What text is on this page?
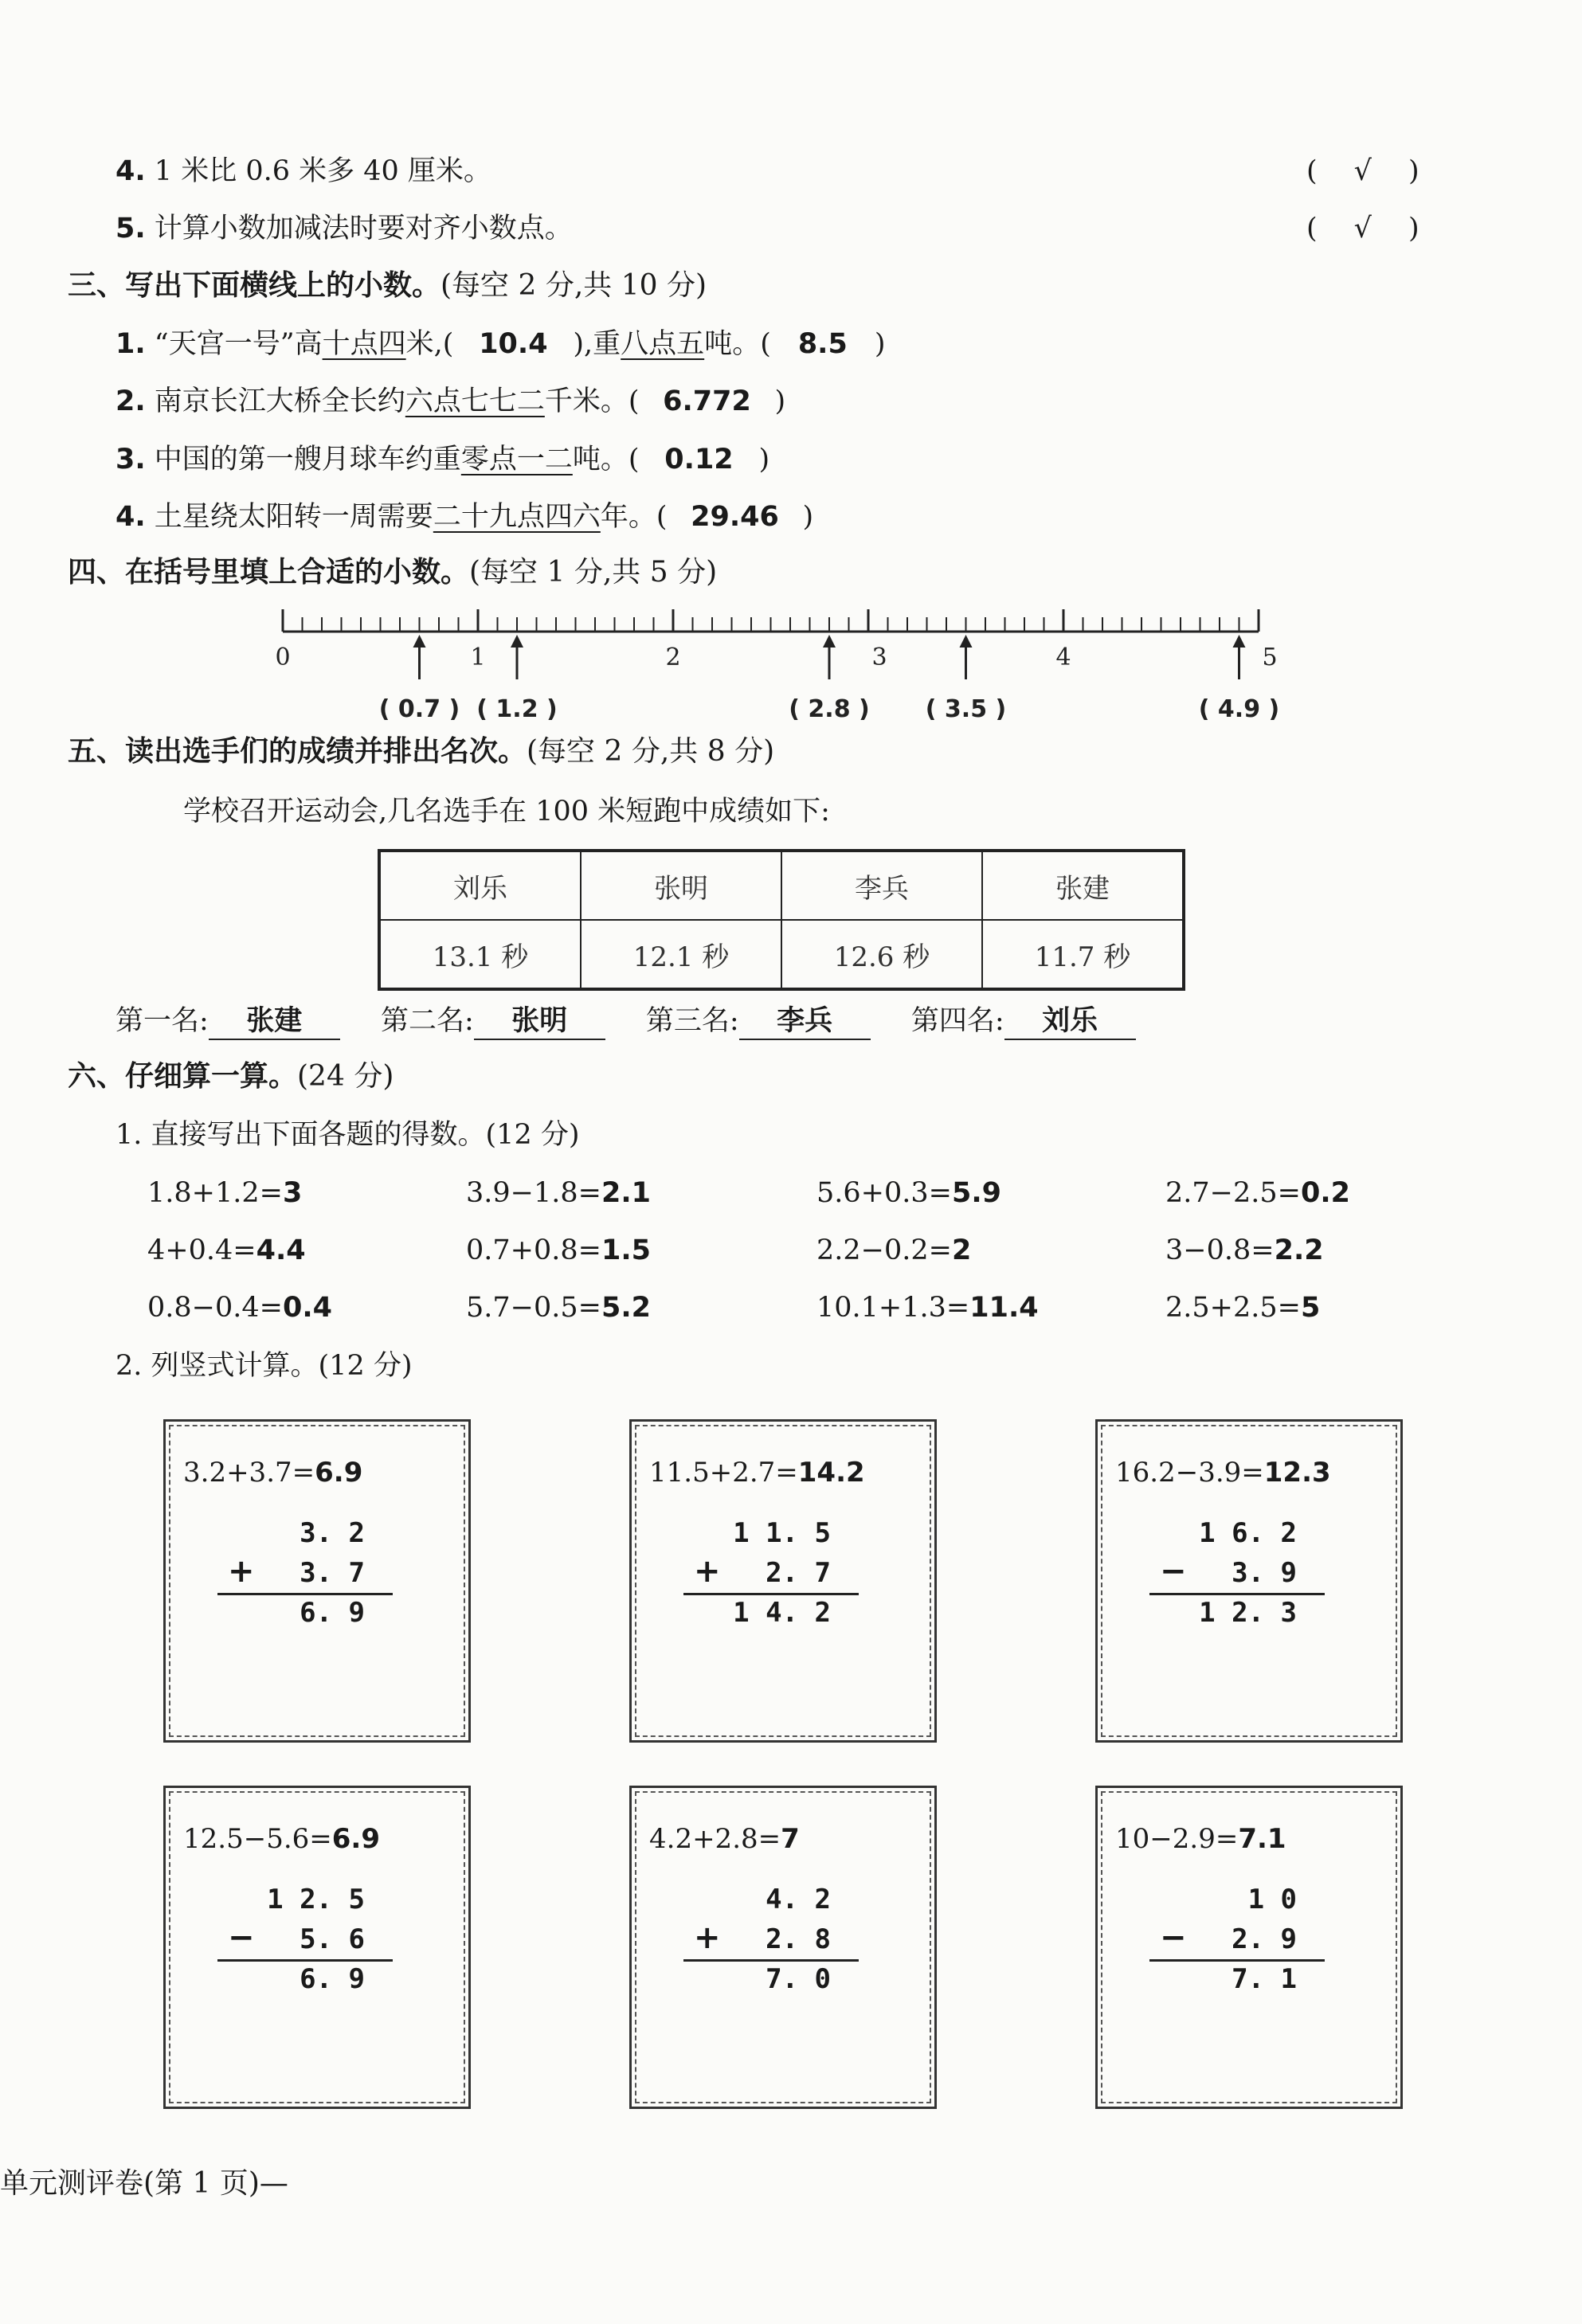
4. 1 米比 0.6 米多 40 厘米。	( √ )
5. 计算小数加减法时要对齐小数点。	( √ )
三、写出下面横线上的小数。(每空 2 分,共 10 分)
1. “天宫一号”高十点四米,( 10.4 ),重八点五吨。( 8.5 )
2. 南京长江大桥全长约六点七七二千米。( 6.772 )
3. 中国的第一艘月球车约重零点一二吨。( 0.12 )
4. 土星绕太阳转一周需要二十九点四六年。( 29.46 )
四、在括号里填上合适的小数。(每空 1 分,共 5 分)
0	1	2	3	4	5
( 0.7 ) ( 1.2 )	( 2.8 ) ( 3.5 )	( 4.9 )
五、读出选手们的成绩并排出名次。(每空 2 分,共 8 分)
学校召开运动会,几名选手在 100 米短跑中成绩如下:
刘乐	张明	李兵	张建
13.1 秒	12.1 秒	12.6 秒	11.7 秒
第一名: 张建	第二名: 张明	第三名: 李兵	第四名: 刘乐
六、仔细算一算。(24 分)
1. 直接写出下面各题的得数。(12 分)
1.8+1.2=3	3.9−1.8=2.1	5.6+0.3=5.9	2.7−2.5=0.2
4+0.4=4.4	0.7+0.8=1.5	2.2−0.2=2	3−0.8=2.2
0.8−0.4=0.4	5.7−0.5=5.2	10.1+1.3=11.4	2.5+2.5=5
2. 列竖式计算。(12 分)
3.2+3.7=6.9
3. 2
+ 3. 7
6. 9
11.5+2.7=14.2
1 1. 5
+ 2. 7
1 4. 2
16.2−3.9=12.3
1 6. 2
− 3. 9
1 2. 3
12.5−5.6=6.9
1 2. 5
− 5. 6
6. 9
4.2+2.8=7
4. 2
+ 2. 8
7. 0
10−2.9=7.1
1 0
− 2. 9
7. 1
单元测评卷(第 1 页)—
